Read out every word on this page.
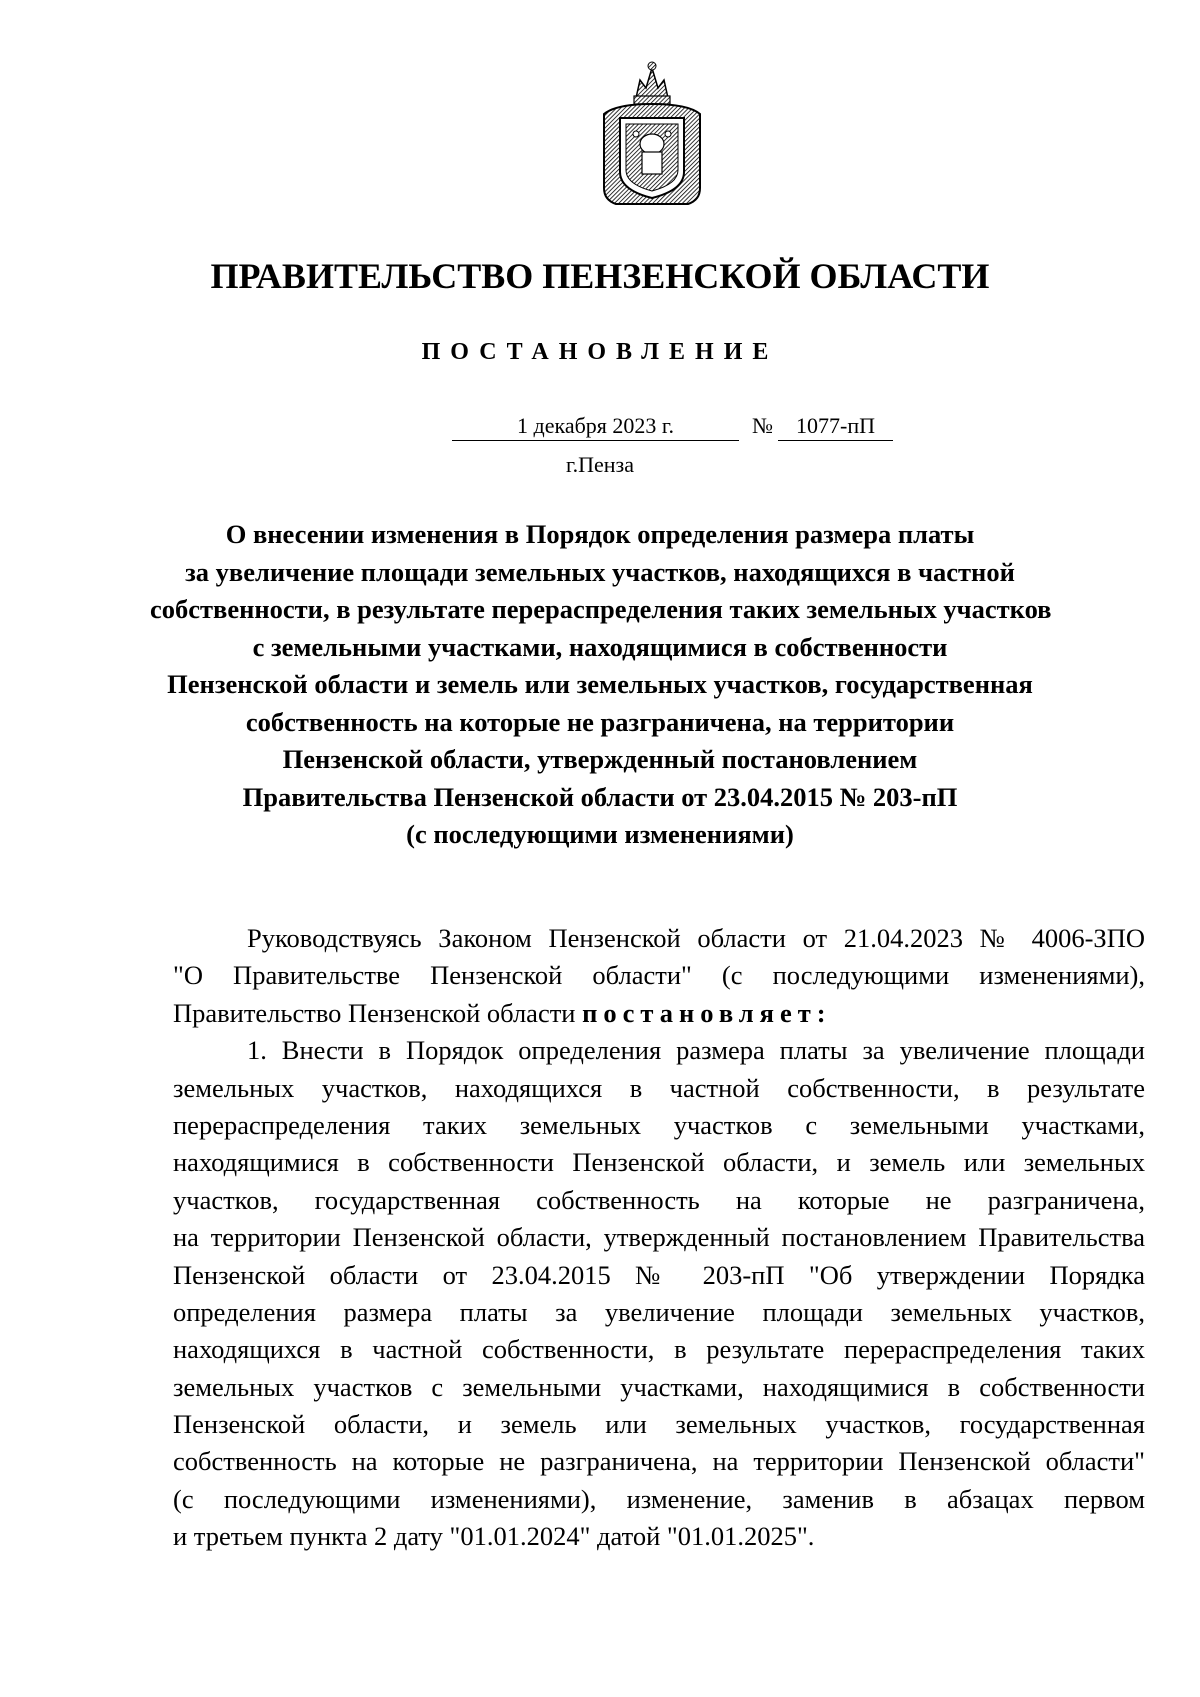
ПРАВИТЕЛЬСТВО ПЕНЗЕНСКОЙ ОБЛАСТИ
ПОСТАНОВЛЕНИЕ
1 декабря 2023 г.	№	1077-пП
г.Пенза
О внесении изменения в Порядок определения размера платы
за увеличение площади земельных участков, находящихся в частной
собственности, в результате перераспределения таких земельных участков
с земельными участками, находящимися в собственности
Пензенской области и земель или земельных участков, государственная
собственность на которые не разграничена, на территории
Пензенской области, утвержденный постановлением
Правительства Пензенской области от 23.04.2015 № 203-пП
(с последующими изменениями)
Руководствуясь Законом Пензенской области от 21.04.2023 № 4006-ЗПО
"О Правительстве Пензенской области" (с последующими изменениями),
Правительство Пензенской области постановляет:
1. Внести в Порядок определения размера платы за увеличение площади
земельных участков, находящихся в частной собственности, в результате
перераспределения таких земельных участков с земельными участками,
находящимися в собственности Пензенской области, и земель или земельных
участков, государственная собственность на которые не разграничена,
на территории Пензенской области, утвержденный постановлением Правительства
Пензенской области от 23.04.2015 № 203-пП "Об утверждении Порядка
определения размера платы за увеличение площади земельных участков,
находящихся в частной собственности, в результате перераспределения таких
земельных участков с земельными участками, находящимися в собственности
Пензенской области, и земель или земельных участков, государственная
собственность на которые не разграничена, на территории Пензенской области"
(с последующими изменениями), изменение, заменив в абзацах первом
и третьем пункта 2 дату "01.01.2024" датой "01.01.2025".
